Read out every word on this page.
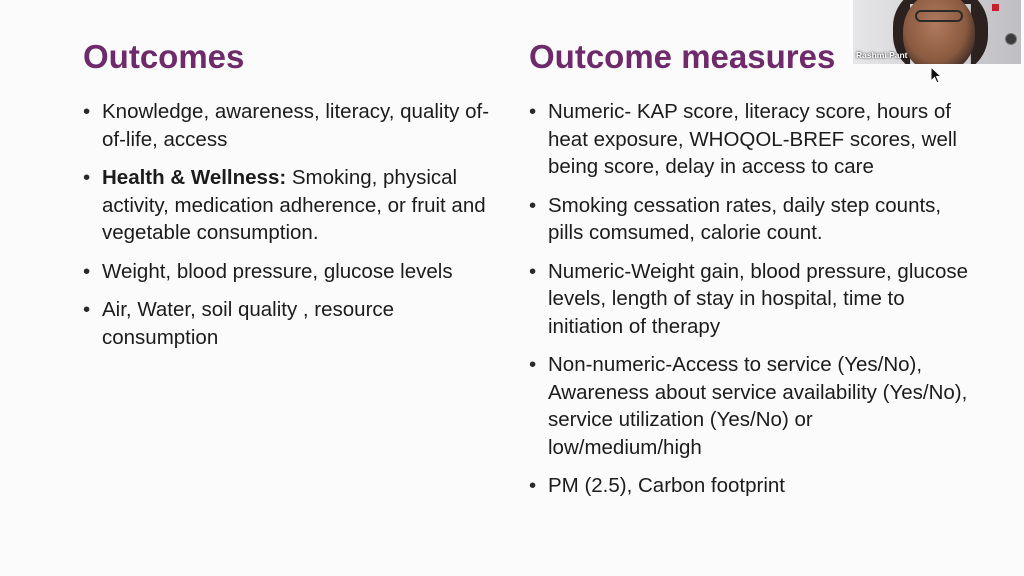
Outcomes
• Knowledge, awareness, literacy, quality of-of-life, access
• Health & Wellness: Smoking, physical activity, medication adherence, or fruit and vegetable consumption.
• Weight, blood pressure, glucose levels
• Air, Water, soil quality , resource consumption
Outcome measures
• Numeric- KAP score, literacy score, hours of heat exposure, WHOQOL-BREF scores, well being score, delay in access to care
• Smoking cessation rates, daily step counts, pills comsumed, calorie count.
• Numeric-Weight gain, blood pressure, glucose levels, length of stay in hospital, time to initiation of therapy
• Non-numeric-Access to service (Yes/No), Awareness about service availability (Yes/No), service utilization (Yes/No) or low/medium/high
• PM (2.5), Carbon footprint
Rashmi Pant
